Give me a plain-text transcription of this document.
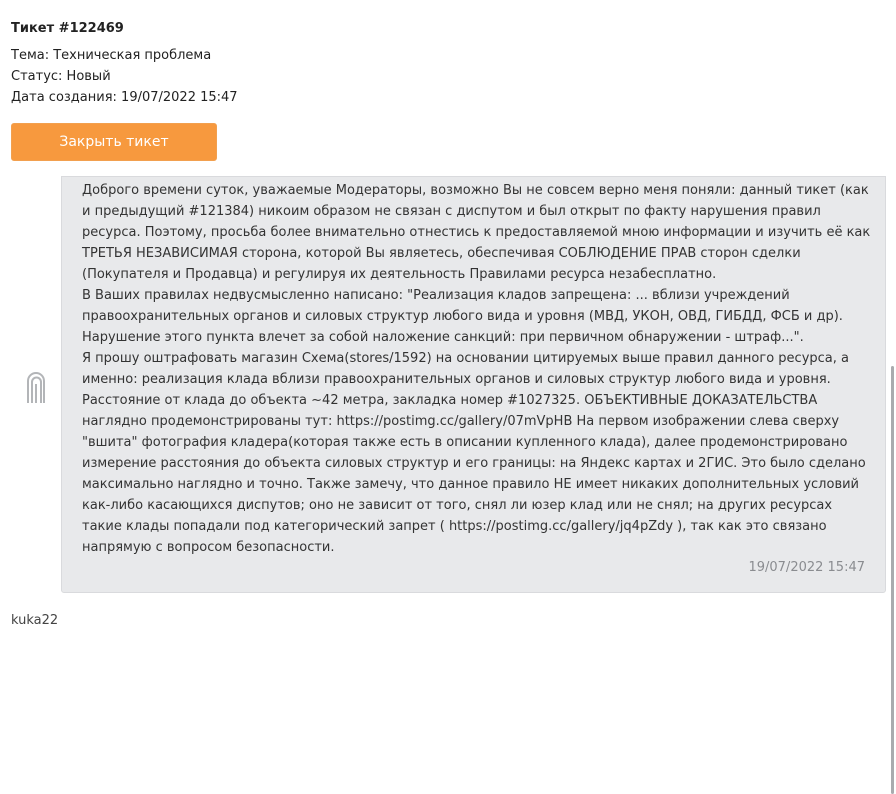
Тикет #122469
Тема: Техническая проблема
Статус: Новый
Дата создания: 19/07/2022 15:47
Закрыть тикет

Доброго времени суток, уважаемые Модераторы, возможно Вы не совсем верно меня поняли: данный тикет (как и предыдущий #121384) никоим образом не связан с диспутом и был открыт по факту нарушения правил ресурса. Поэтому, просьба более внимательно отнестись к предоставляемой мною информации и изучить её как ТРЕТЬЯ НЕЗАВИСИМАЯ сторона, которой Вы являетесь, обеспечивая СОБЛЮДЕНИЕ ПРАВ сторон сделки (Покупателя и Продавца) и регулируя их деятельность Правилами ресурса незабесплатно.

В Ваших правилах недвусмысленно написано: "Реализация кладов запрещена: ... вблизи учреждений правоохранительных органов и силовых структур любого вида и уровня (МВД, УКОН, ОВД, ГИБДД, ФСБ и др).

Нарушение этого пункта влечет за собой наложение санкций: при первичном обнаружении - штраф...".

Я прошу оштрафовать магазин Схема(stores/1592) на основании цитируемых выше правил данного ресурса, а именно: реализация клада вблизи правоохранительных органов и силовых структур любого вида и уровня. Расстояние от клада до объекта ~42 метра, закладка номер #1027325. ОБЪЕКТИВНЫЕ ДОКАЗАТЕЛЬСТВА наглядно продемонстрированы тут: https://postimg.cc/gallery/07mVpHB На первом изображении слева сверху "вшита" фотография кладера(которая также есть в описании купленного клада), далее продемонстрировано измерение расстояния до объекта силовых структур и его границы: на Яндекс картах и 2ГИС. Это было сделано максимально наглядно и точно. Также замечу, что данное правило НЕ имеет никаких дополнительных условий как-либо касающихся диспутов; оно не зависит от того, снял ли юзер клад или не снял; на других ресурсах такие клады попадали под категорический запрет ( https://postimg.cc/gallery/jq4pZdy ), так как это связано напрямую с вопросом безопасности.

19/07/2022 15:47
kuka22
